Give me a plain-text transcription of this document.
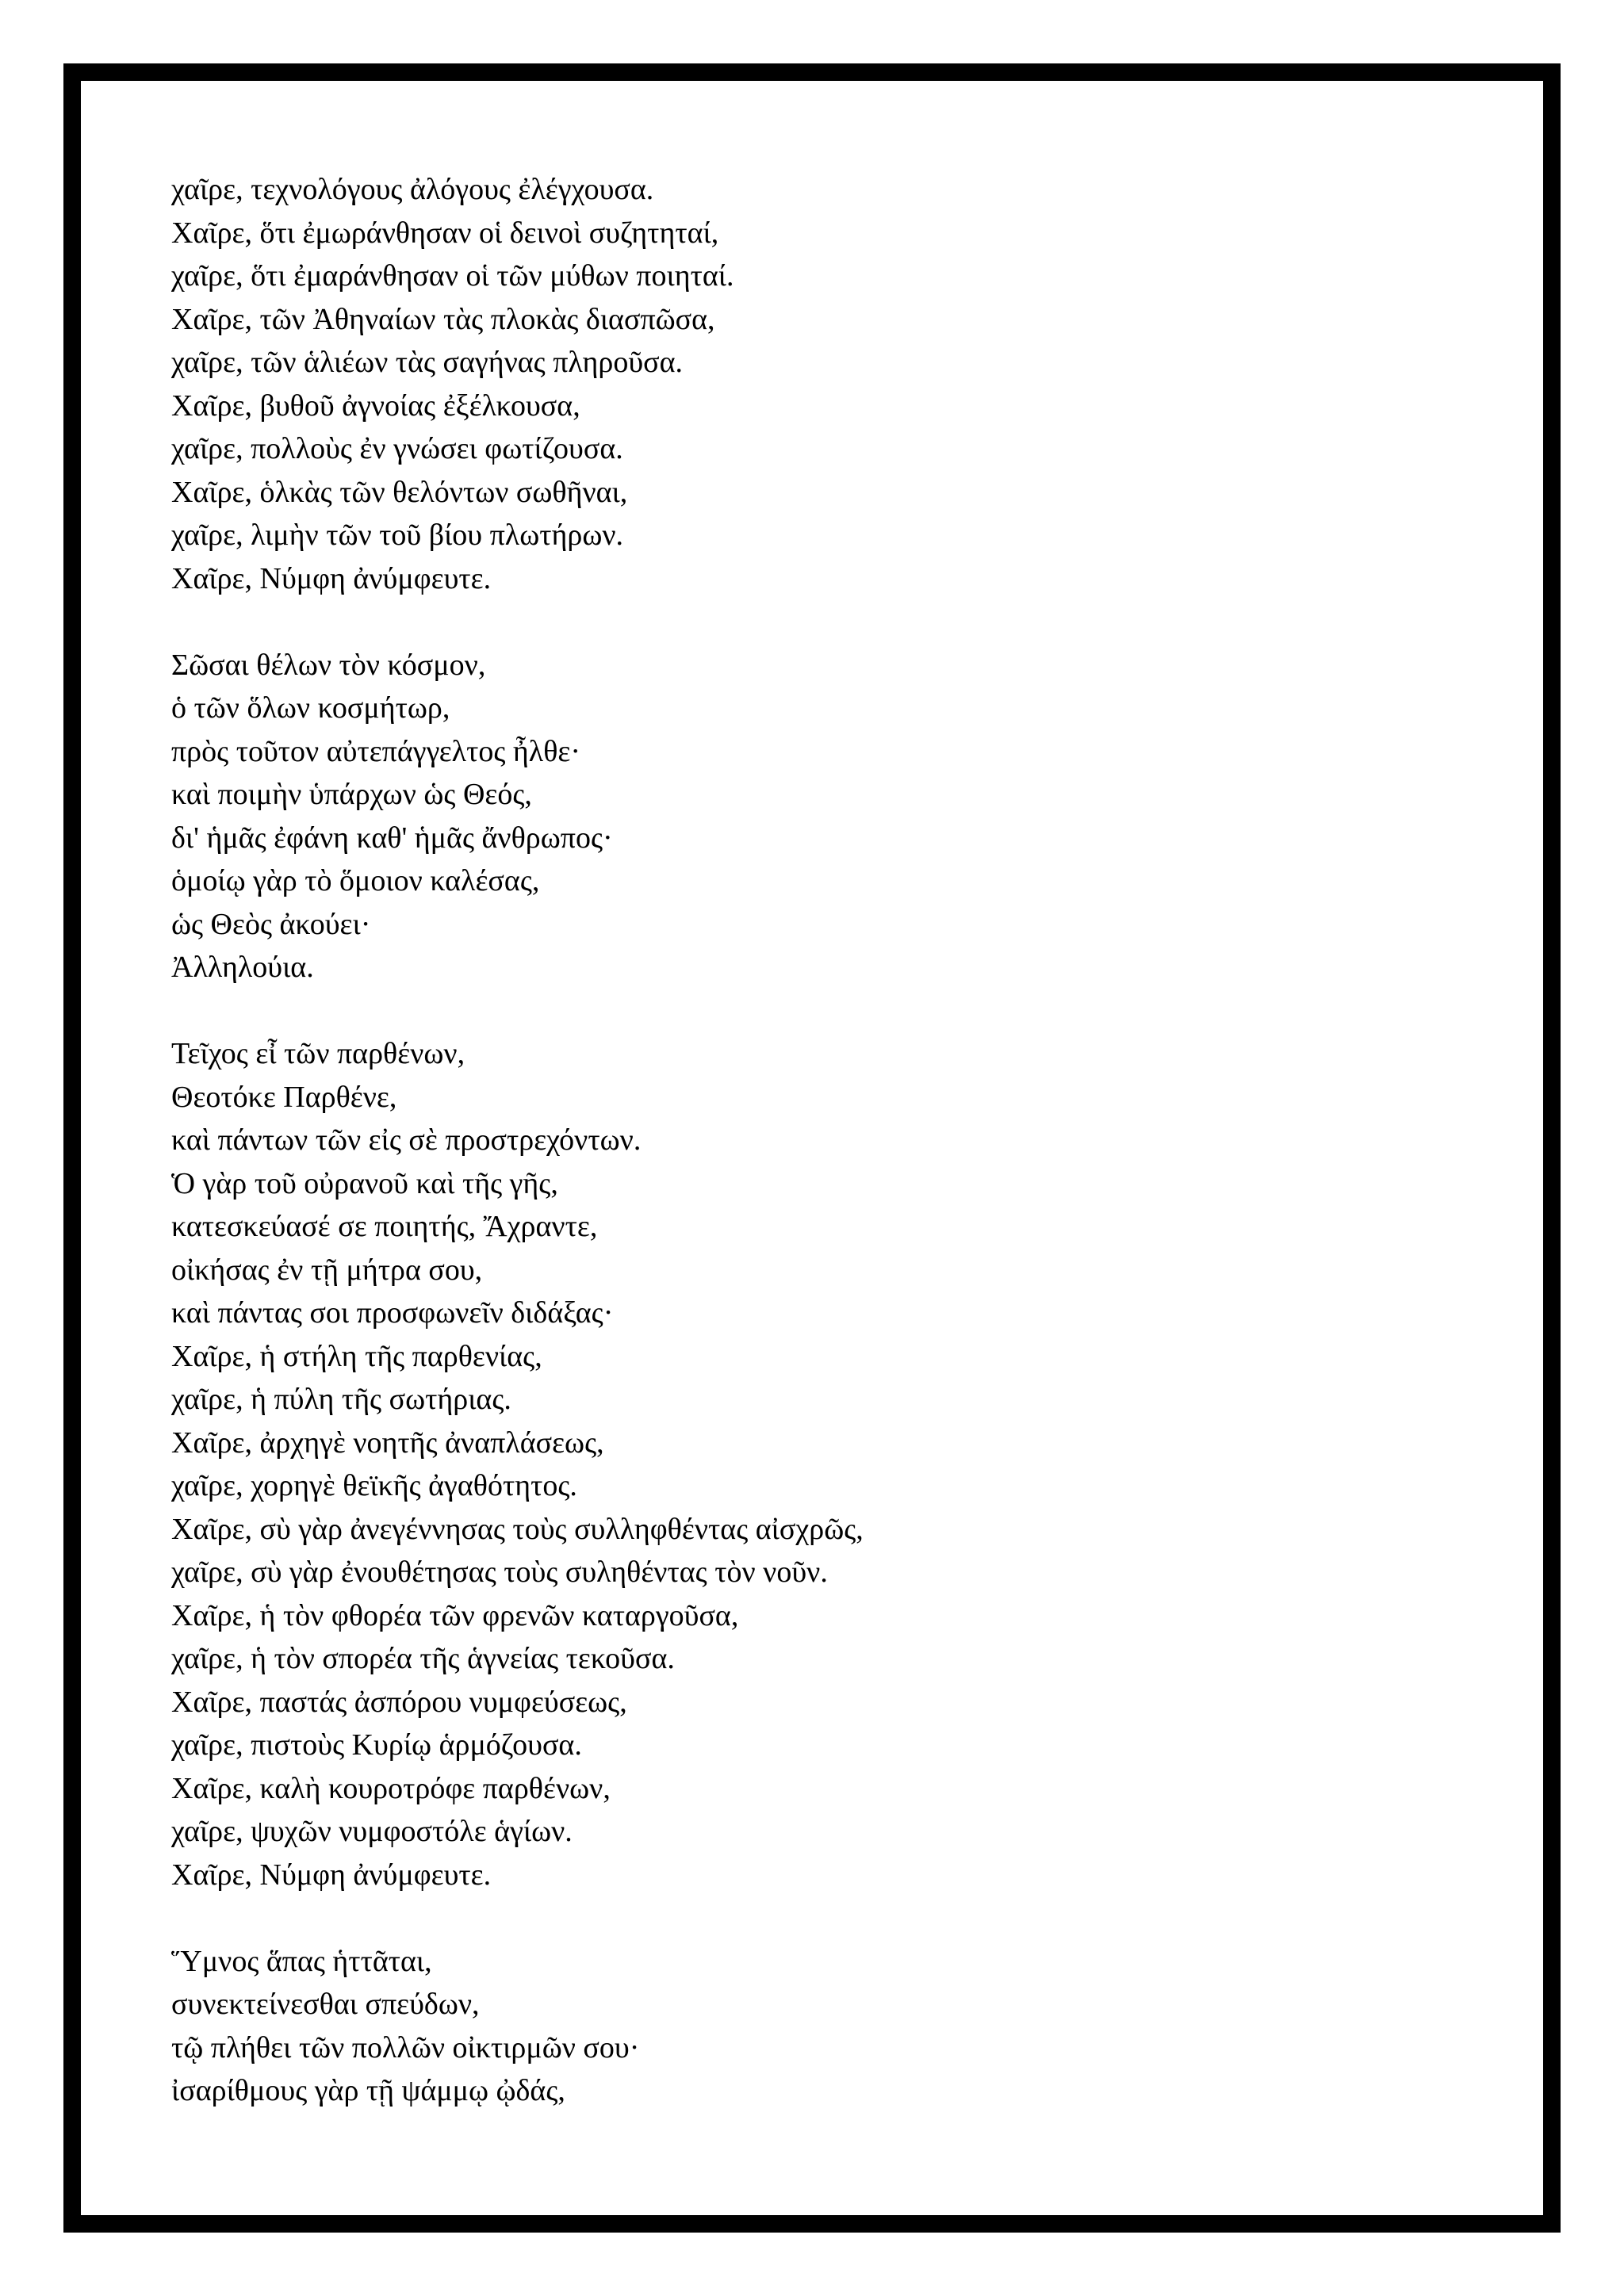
χαῖρε, τεχνολόγους ἀλόγους ἐλέγχουσα.
Χαῖρε, ὅτι ἐμωράνθησαν οἱ δεινοὶ συζητηταί,
χαῖρε, ὅτι ἐμαράνθησαν οἱ τῶν μύθων ποιηταί.
Χαῖρε, τῶν Ἀθηναίων τὰς πλοκὰς διασπῶσα,
χαῖρε, τῶν ἁλιέων τὰς σαγήνας πληροῦσα.
Χαῖρε, βυθοῦ ἀγνοίας ἐξέλκουσα,
χαῖρε, πολλοὺς ἐν γνώσει φωτίζουσα.
Χαῖρε, ὁλκὰς τῶν θελόντων σωθῆναι,
χαῖρε, λιμὴν τῶν τοῦ βίου πλωτήρων.
Χαῖρε, Νύμφη ἀνύμφευτε.
Σῶσαι θέλων τὸν κόσμον,
ὁ τῶν ὅλων κοσμήτωρ,
πρὸς τοῦτον αὐτεπάγγελτος ἦλθε·
καὶ ποιμὴν ὑπάρχων ὡς Θεός,
δι' ἡμᾶς ἐφάνη καθ' ἡμᾶς ἄνθρωπος·
ὁμοίῳ γὰρ τὸ ὅμοιον καλέσας,
ὡς Θεὸς ἀκούει·
Ἀλληλούια.
Τεῖχος εἶ τῶν παρθένων,
Θεοτόκε Παρθένε,
καὶ πάντων τῶν εἰς σὲ προστρεχόντων.
Ὁ γὰρ τοῦ οὐρανοῦ καὶ τῆς γῆς,
κατεσκεύασέ σε ποιητής, Ἄχραντε,
οἰκήσας ἐν τῇ μήτρα σου,
καὶ πάντας σοι προσφωνεῖν διδάξας·
Χαῖρε, ἡ στήλη τῆς παρθενίας,
χαῖρε, ἡ πύλη τῆς σωτήριας.
Χαῖρε, ἀρχηγὲ νοητῆς ἀναπλάσεως,
χαῖρε, χορηγὲ θεϊκῆς ἀγαθότητος.
Χαῖρε, σὺ γὰρ ἀνεγέννησας τοὺς συλληφθέντας αἰσχρῶς,
χαῖρε, σὺ γὰρ ἐνουθέτησας τοὺς συληθέντας τὸν νοῦν.
Χαῖρε, ἡ τὸν φθορέα τῶν φρενῶν καταργοῦσα,
χαῖρε, ἡ τὸν σπορέα τῆς ἁγνείας τεκοῦσα.
Χαῖρε, παστάς ἀσπόρου νυμφεύσεως,
χαῖρε, πιστοὺς Κυρίῳ ἁρμόζουσα.
Χαῖρε, καλὴ κουροτρόφε παρθένων,
χαῖρε, ψυχῶν νυμφοστόλε ἁγίων.
Χαῖρε, Νύμφη ἀνύμφευτε.
Ὕμνος ἅπας ἡττᾶται,
συνεκτείνεσθαι σπεύδων,
τῷ πλήθει τῶν πολλῶν οἰκτιρμῶν σου·
ἰσαρίθμους γὰρ τῇ ψάμμῳ ᾠδάς,
